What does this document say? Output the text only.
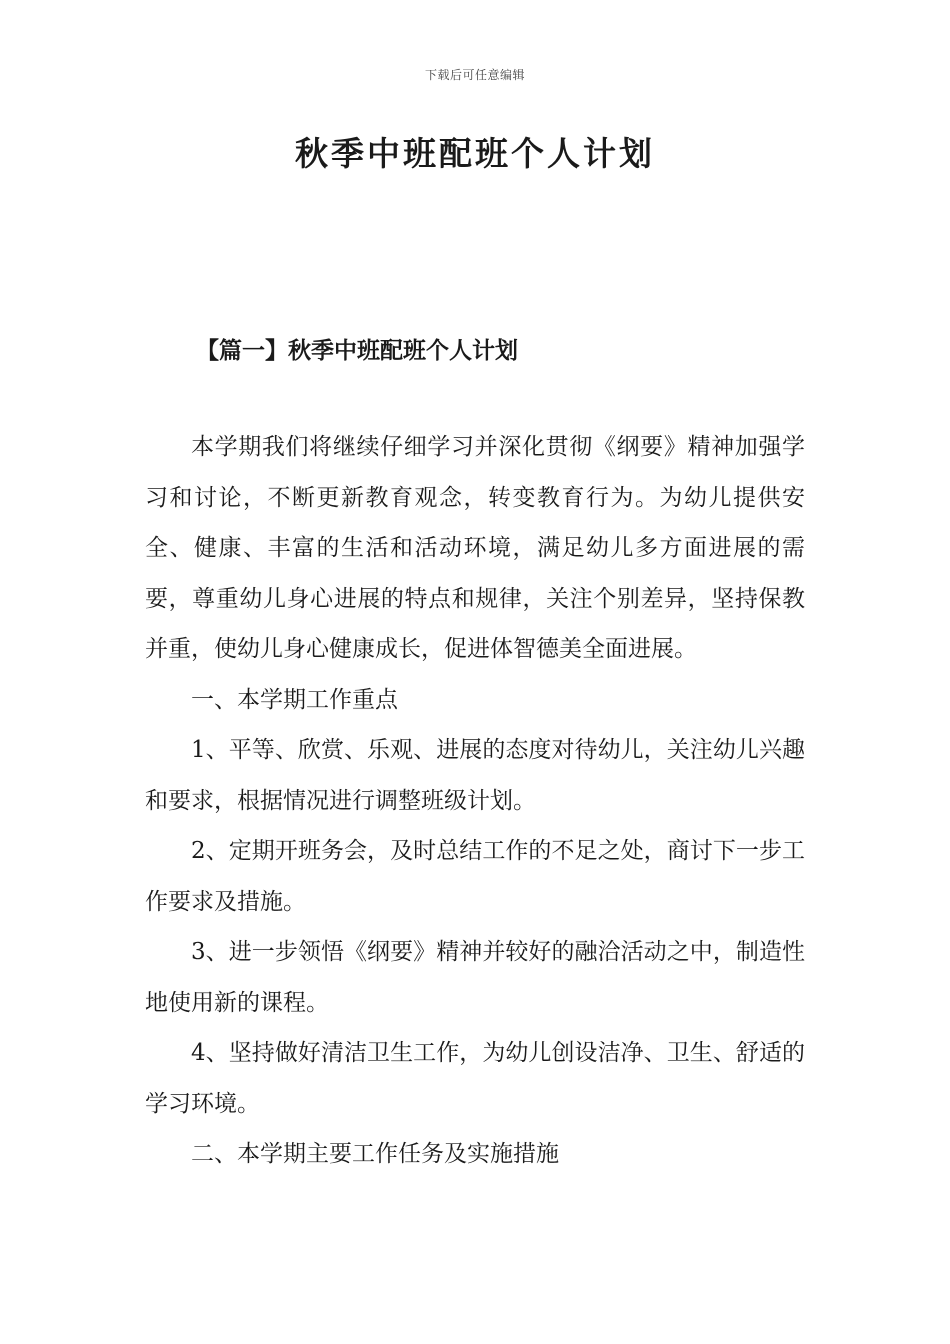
下载后可任意编辑
秋季中班配班个人计划
【篇一】秋季中班配班个人计划

本学期我们将继续仔细学习并深化贯彻《纲要》精神加强学习和讨论，不断更新教育观念，转变教育行为。为幼儿提供安全、健康、丰富的生活和活动环境，满足幼儿多方面进展的需要，尊重幼儿身心进展的特点和规律，关注个别差异，坚持保教并重，使幼儿身心健康成长，促进体智德美全面进展。

一、本学期工作重点

1、平等、欣赏、乐观、进展的态度对待幼儿，关注幼儿兴趣和要求，根据情况进行调整班级计划。

2、定期开班务会，及时总结工作的不足之处，商讨下一步工作要求及措施。

3、进一步领悟《纲要》精神并较好的融洽活动之中，制造性地使用新的课程。

4、坚持做好清洁卫生工作，为幼儿创设洁净、卫生、舒适的学习环境。

二、本学期主要工作任务及实施措施
